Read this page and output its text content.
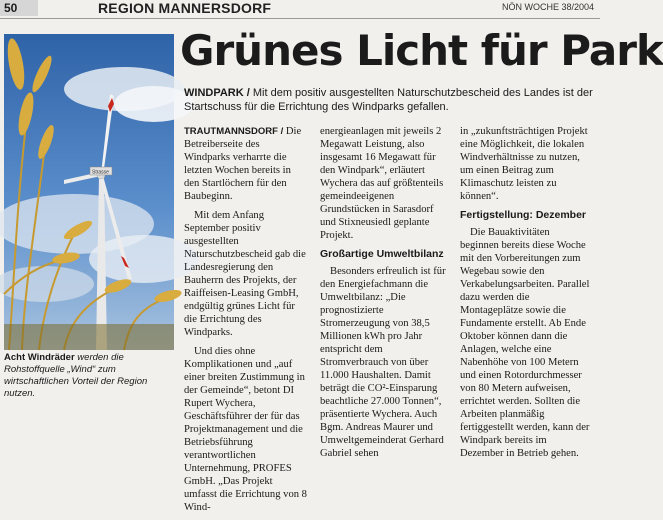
50	REGION MANNERSDORF	NÖN WOCHE 38/2004
Strasse
Acht Windräder werden die Rohstoffquelle „Wind“ zum wirtschaftlichen Vorteil der Region nutzen.
Grünes Licht für Park
WINDPARK / Mit dem positiv ausgestellten Naturschutzbescheid des Landes ist der Startschuss für die Errichtung des Windparks gefallen.

TRAUTMANNSDORF / Die Betreiberseite des Windparks verharrte die letzten Wochen bereits in den Startlöchern für den Baubeginn.

Mit dem Anfang September positiv ausgestellten Naturschutzbescheid gab die Landesregierung den Bauherrn des Projekts, der Raiffeisen-Leasing GmbH, endgültig grünes Licht für die Errichtung des Windparks.

Und dies ohne Komplikationen und „auf einer breiten Zustimmung in der Gemeinde“, betont DI Rupert Wychera, Geschäftsführer der für das Projektmanagement und die Betriebsführung verantwortlichen Unternehmung, PROFES GmbH. „Das Projekt umfasst die Errichtung von 8 Wind-

energieanlagen mit jeweils 2 Megawatt Leistung, also insgesamt 16 Megawatt für den Windpark“, erläutert Wychera das auf größtenteils gemeindeeigenen Grundstücken in Sarasdorf und Stixneusiedl geplante Projekt.

Großartige Umweltbilanz

Besonders erfreulich ist für den Energiefachmann die Umweltbilanz: „Die prognostizierte Stromerzeugung von 38,5 Millionen kWh pro Jahr entspricht dem Stromverbrauch von über 11.000 Haushalten. Damit beträgt die CO²-Einsparung beachtliche 27.000 Tonnen“, präsentierte Wychera. Auch Bgm. Andreas Maurer und Umweltgemeinderat Gerhard Gabriel sehen

in „zukunftsträchtigen Projekt eine Möglichkeit, die lokalen Windverhältnisse zu nutzen, um einen Beitrag zum Klimaschutz leisten zu können“.

Fertigstellung: Dezember

Die Bauaktivitäten beginnen bereits diese Woche mit den Vorbereitungen zum Wegebau sowie den Verkabelungsarbeiten. Parallel dazu werden die Montageplätze sowie die Fundamente erstellt. Ab Ende Oktober können dann die Anlagen, welche eine Nabenhöhe von 100 Metern und einen Rotordurchmesser von 80 Metern aufweisen, errichtet werden. Sollten die Arbeiten planmäßig fertiggestellt werden, kann der Windpark bereits im Dezember in Betrieb gehen.
